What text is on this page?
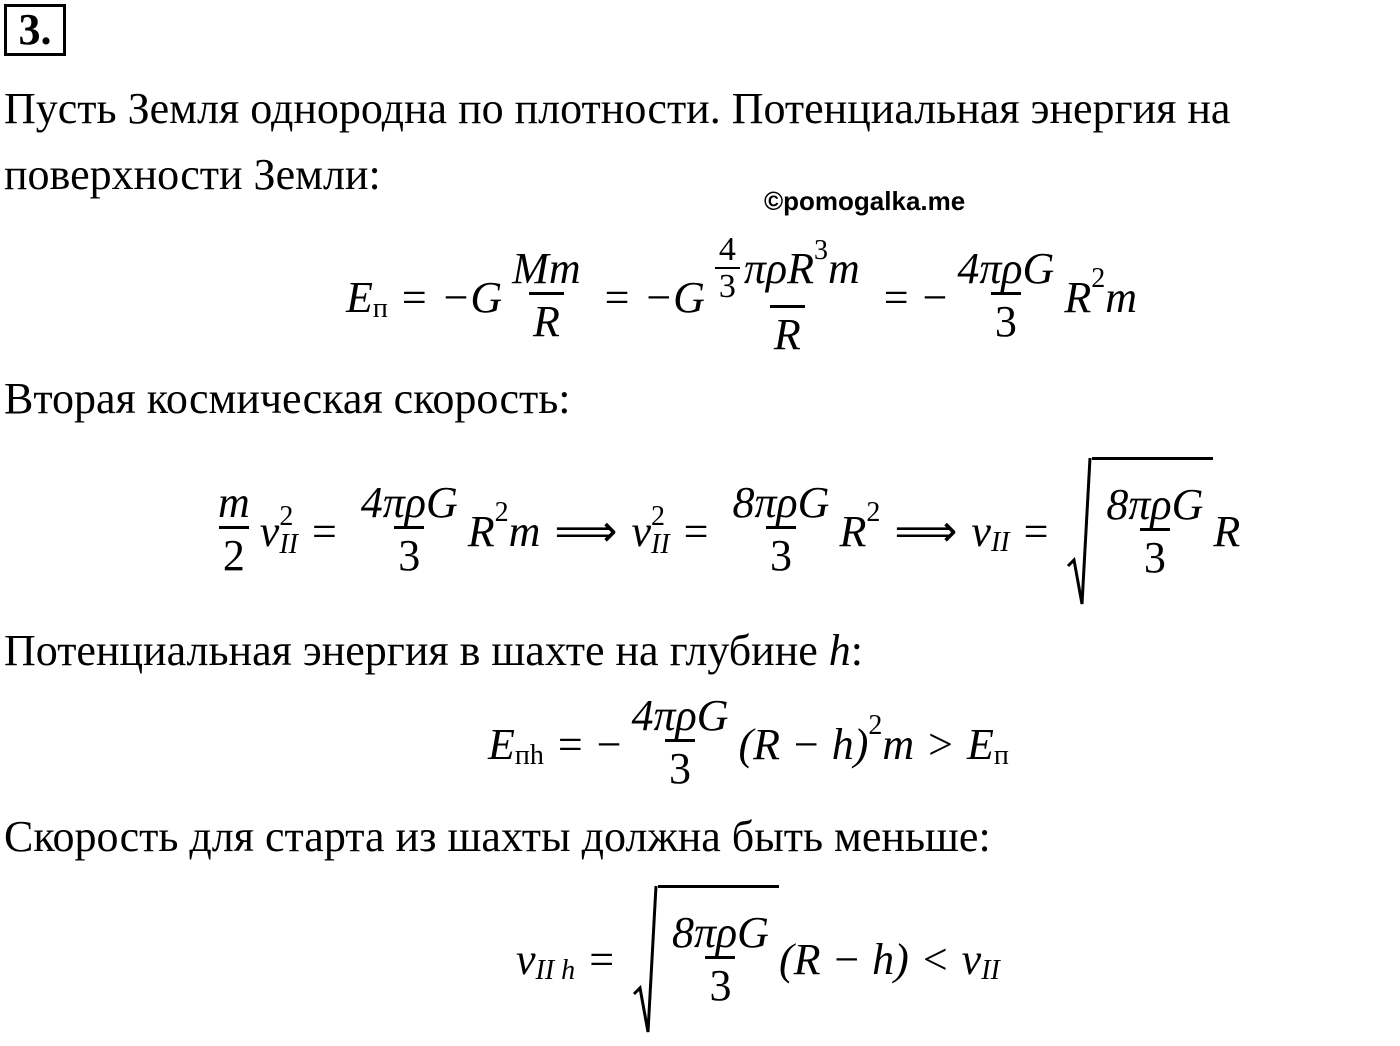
3.
Пусть Земля однородна по плотности. Потенциальная энергия на
поверхности Земли:
©pomogalka.me
E $п = -G \frac{Mm}{R} = -G \frac{\frac{4}{3} \pi\rho R 3 m}{R}$ = − $\frac{\text{4πρG}}{3}$ R 2 m
Вторая космическая скорость:
$\frac{m}{2}$ v 2
II = $\frac{\text{4πρG}}{3}$ R 2 m ⟹ v 2
II = $\frac{\text{8πρG}}{3}$ R 2 ⟹ v II = $\frac{\text{8πρG}}{3}$ R
Потенциальная энергия в шахте на глубине h:
E пh = − $\frac{\text{4πρG}}{3} (R - h)$ 2 m > E п
Скорость для старта из шахты должна быть меньше:
v II $h = \frac{\text{8πρG}}{3} (R - h) < v$ II
